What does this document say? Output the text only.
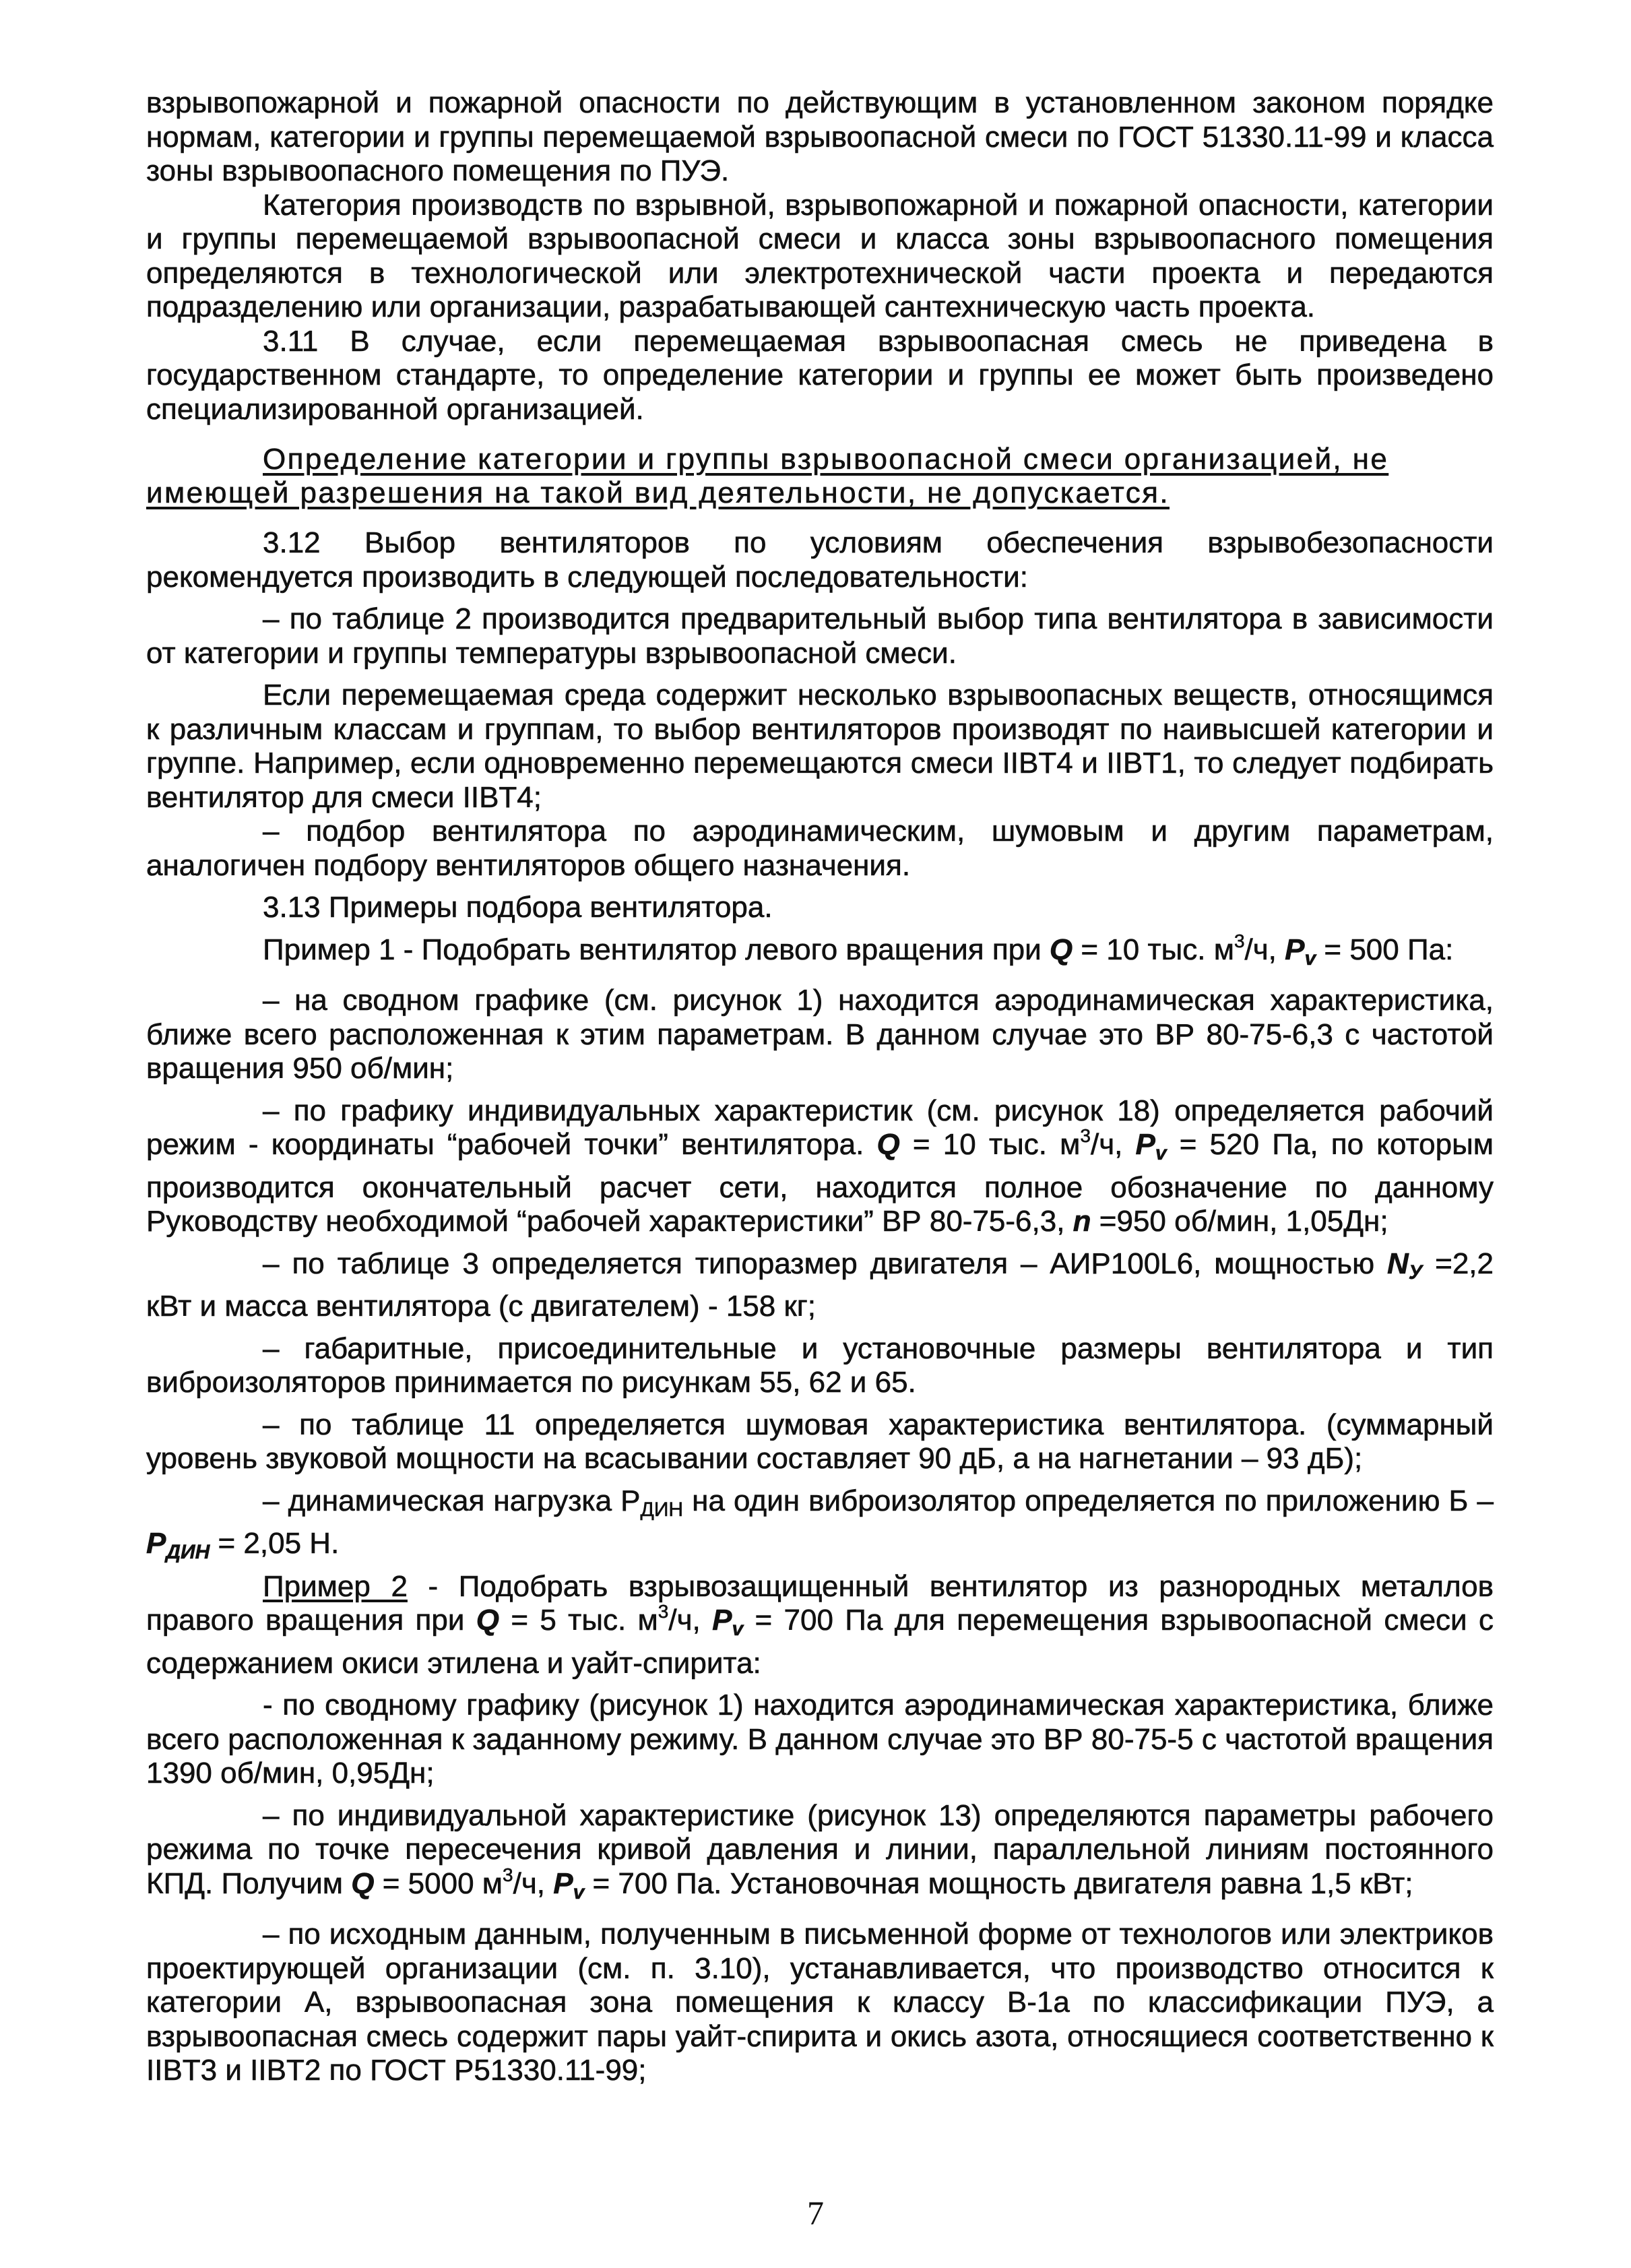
взрывопожарной и пожарной опасности по действующим в установленном законом порядке нормам, категории и группы перемещаемой взрывоопасной смеси по ГОСТ 51330.11-99 и класса зоны взрывоопасного помещения по ПУЭ.

Категория производств по взрывной, взрывопожарной и пожарной опасности, категории и группы перемещаемой взрывоопасной смеси и класса зоны взрывоопасного помещения определяются в технологической или электротехнической части проекта и передаются подразделению или организации, разрабатывающей сантехническую часть проекта.

3.11 В случае, если перемещаемая взрывоопасная смесь не приведена в государственном стандарте, то определение категории и группы ее может быть произведено специализированной организацией.

Определение категории и группы взрывоопасной смеси организацией, не имеющей разрешения на такой вид деятельности, не допускается.

3.12 Выбор вентиляторов по условиям обеспечения взрывобезопасности рекомендуется производить в следующей последовательности:

– по таблице 2 производится предварительный выбор типа вентилятора в зависимости от категории и группы температуры взрывоопасной смеси.

Если перемещаемая среда содержит несколько взрывоопасных веществ, относящимся к различным классам и группам, то выбор вентиляторов производят по наивысшей категории и группе. Например, если одновременно перемещаются смеси IIBT4 и IIBT1, то следует подбирать вентилятор для смеси IIBT4;

– подбор вентилятора по аэродинамическим, шумовым и другим параметрам, аналогичен подбору вентиляторов общего назначения.

3.13 Примеры подбора вентилятора.

Пример 1 - Подобрать вентилятор левого вращения при Q = 10 тыс. $м^3/ч$, $P_v = 500$ Па:

– на сводном графике (см. рисунок 1) находится аэродинамическая характеристика, ближе всего расположенная к этим параметрам. В данном случае это ВР 80-75-6,3 с частотой вращения 950 об/мин;

– по графику индивидуальных характеристик (см. рисунок 18) определяется рабочий режим - координаты “рабочей точки” вентилятора. Q = 10 тыс. $м^3/ч$, $P_v = 520$ Па, по которым производится окончательный расчет сети, находится полное обозначение по данному Руководству необходимой “рабочей характеристики” ВР 80-75-6,3, n =950 об/мин, 1,05Дн;

– по таблице 3 определяется типоразмер двигателя – АИР100L6, мощностью $N_У =2,2$ кВт и масса вентилятора (с двигателем) - 158 кг;

– габаритные, присоединительные и установочные размеры вентилятора и тип виброизоляторов принимается по рисункам 55, 62 и 65.

– по таблице 11 определяется шумовая характеристика вентилятора. (суммарный уровень звуковой мощности на всасывании составляет 90 дБ, а на нагнетании – 93 дБ);

– динамическая нагрузка РДИН на один виброизолятор определяется по приложению $Б - Р_{ДИН} = 2,05$ Н.

Пример 2 - Подобрать взрывозащищенный вентилятор из разнородных металлов правого вращения при Q = 5 тыс. $м^3/ч$, $P_v = 700$ Па для перемещения взрывоопасной смеси с содержанием окиси этилена и уайт-спирита:

- по сводному графику (рисунок 1) находится аэродинамическая характеристика, ближе всего расположенная к заданному режиму. В данном случае это ВР 80-75-5 с частотой вращения 1390 об/мин, 0,95Дн;

– по индивидуальной характеристике (рисунок 13) определяются параметры рабочего режима по точке пересечения кривой давления и линии, параллельной линиям постоянного КПД. Получим Q = 5000 $м^3/ч$, $P_v = 700$ Па. Установочная мощность двигателя равна 1,5 кВт;

– по исходным данным, полученным в письменной форме от технологов или электриков проектирующей организации (см. п. 3.10), устанавливается, что производство относится к категории А, взрывоопасная зона помещения к классу В-1а по классификации ПУЭ, а взрывоопасная смесь содержит пары уайт-спирита и окись азота, относящиеся соответственно к IIBT3 и IIBT2 по ГОСТ Р51330.11-99;

7
